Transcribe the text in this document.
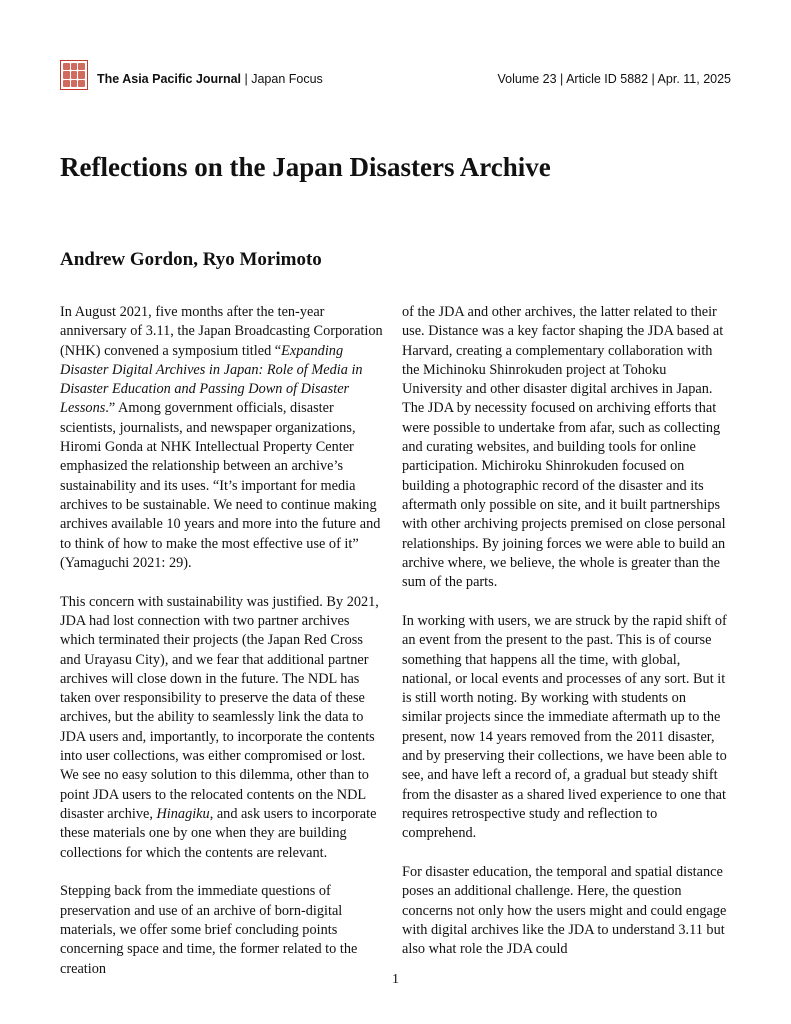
The Asia Pacific Journal | Japan Focus	Volume 23 | Article ID 5882 | Apr. 11, 2025
Reflections on the Japan Disasters Archive
Andrew Gordon, Ryo Morimoto

In August 2021, five months after the ten-year anniversary of 3.11, the Japan Broadcasting Corporation (NHK) convened a symposium titled “Expanding Disaster Digital Archives in Japan: Role of Media in Disaster Education and Passing Down of Disaster Lessons.” Among government officials, disaster scientists, journalists, and newspaper organizations, Hiromi Gonda at NHK Intellectual Property Center emphasized the relationship between an archive’s sustainability and its uses. “It’s important for media archives to be sustainable. We need to continue making archives available 10 years and more into the future and to think of how to make the most effective use of it” (Yamaguchi 2021: 29).

This concern with sustainability was justified. By 2021, JDA had lost connection with two partner archives which terminated their projects (the Japan Red Cross and Urayasu City), and we fear that additional partner archives will close down in the future. The NDL has taken over responsibility to preserve the data of these archives, but the ability to seamlessly link the data to JDA users and, importantly, to incorporate the contents into user collections, was either compromised or lost. We see no easy solution to this dilemma, other than to point JDA users to the relocated contents on the NDL disaster archive, Hinagiku, and ask users to incorporate these materials one by one when they are building collections for which the contents are relevant.

Stepping back from the immediate questions of preservation and use of an archive of born-digital materials, we offer some brief concluding points concerning space and time, the former related to the creation

of the JDA and other archives, the latter related to their use. Distance was a key factor shaping the JDA based at Harvard, creating a complementary collaboration with the Michinoku Shinrokuden project at Tohoku University and other disaster digital archives in Japan. The JDA by necessity focused on archiving efforts that were possible to undertake from afar, such as collecting and curating websites, and building tools for online participation. Michiroku Shinrokuden focused on building a photographic record of the disaster and its aftermath only possible on site, and it built partnerships with other archiving projects premised on close personal relationships. By joining forces we were able to build an archive where, we believe, the whole is greater than the sum of the parts.

In working with users, we are struck by the rapid shift of an event from the present to the past. This is of course something that happens all the time, with global, national, or local events and processes of any sort. But it is still worth noting. By working with students on similar projects since the immediate aftermath up to the present, now 14 years removed from the 2011 disaster, and by preserving their collections, we have been able to see, and have left a record of, a gradual but steady shift from the disaster as a shared lived experience to one that requires retrospective study and reflection to comprehend.

For disaster education, the temporal and spatial distance poses an additional challenge. Here, the question concerns not only how the users might and could engage with digital archives like the JDA to understand 3.11 but also what role the JDA could

1
